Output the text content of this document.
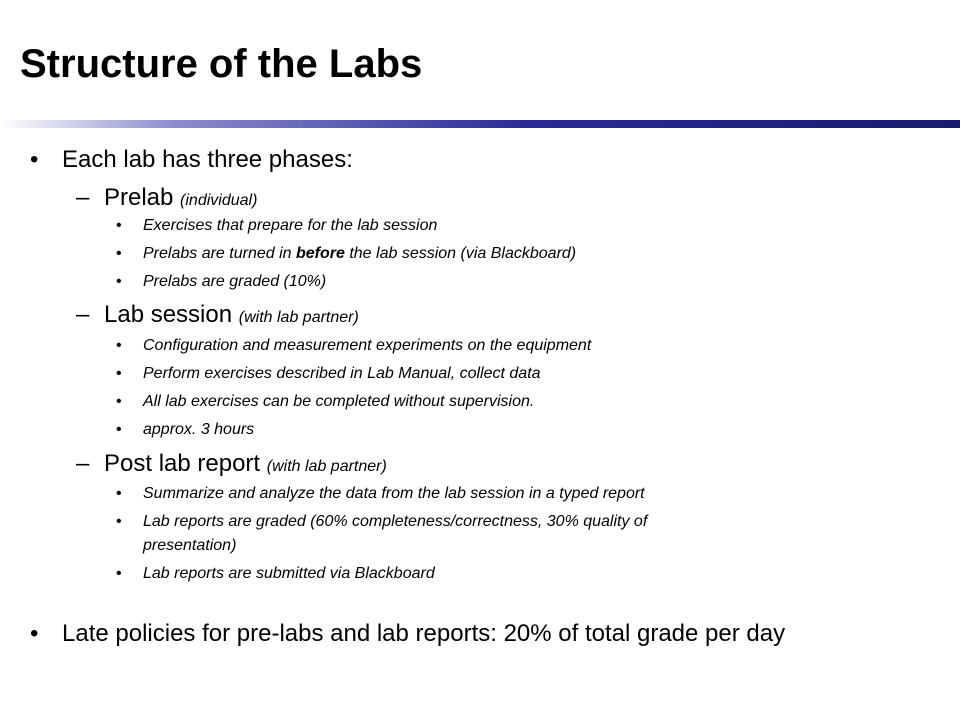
Structure of the Labs
• Each lab has three phases:
– Prelab (individual)
• Exercises that prepare for the lab session
• Prelabs are turned in before the lab session (via Blackboard)
• Prelabs are graded (10%)
– Lab session (with lab partner)
• Configuration and measurement experiments on the equipment
• Perform exercises described in Lab Manual, collect data
• All lab exercises can be completed without supervision.
• approx. 3 hours
– Post lab report (with lab partner)
• Summarize and analyze the data from the lab session in a typed report
• Lab reports are graded (60% completeness/correctness, 30% quality of
presentation)
• Lab reports are submitted via Blackboard
• Late policies for pre-labs and lab reports: 20% of total grade per day
